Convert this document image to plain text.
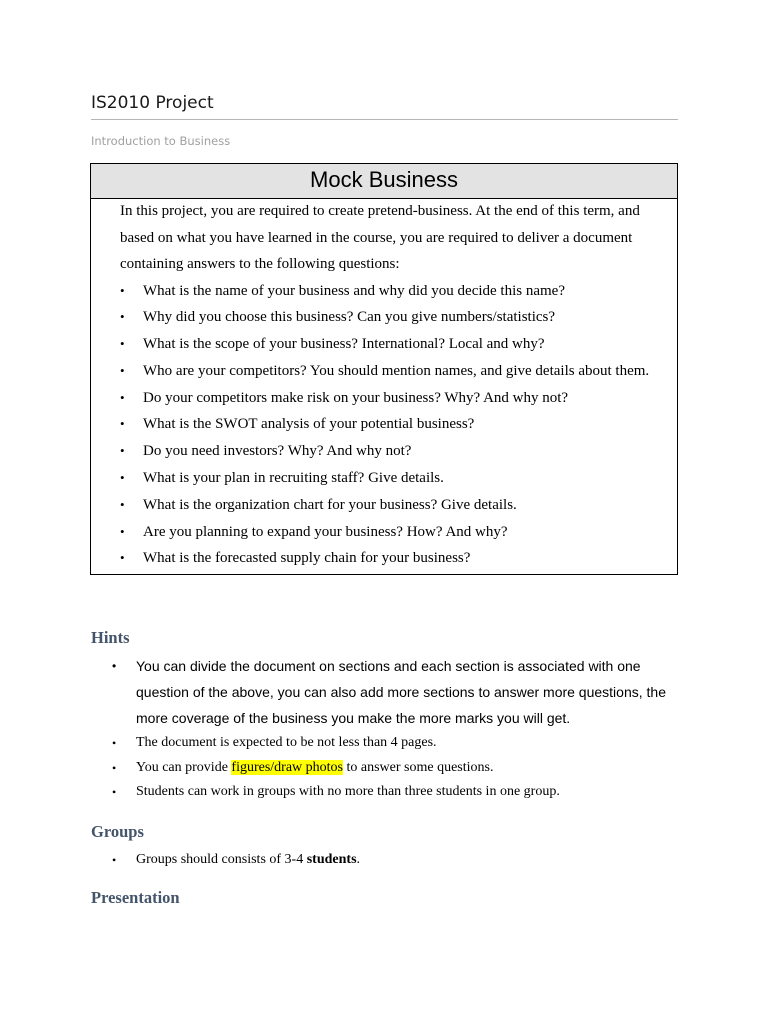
IS2010 Project
Introduction to Business
Mock Business
In this project, you are required to create pretend-business. At the end of this term, and based on what you have learned in the course, you are required to deliver a document containing answers to the following questions:
• What is the name of your business and why did you decide this name?
• Why did you choose this business? Can you give numbers/statistics?
• What is the scope of your business? International? Local and why?
• Who are your competitors? You should mention names, and give details about them.
• Do your competitors make risk on your business? Why? And why not?
• What is the SWOT analysis of your potential business?
• Do you need investors? Why? And why not?
• What is your plan in recruiting staff? Give details.
• What is the organization chart for your business? Give details.
• Are you planning to expand your business? How? And why?
• What is the forecasted supply chain for your business?
Hints
• You can divide the document on sections and each section is associated with one question of the above, you can also add more sections to answer more questions, the more coverage of the business you make the more marks you will get.
• The document is expected to be not less than 4 pages.
• You can provide figures/draw photos to answer some questions.
• Students can work in groups with no more than three students in one group.
Groups
• Groups should consists of 3-4 students.
Presentation
